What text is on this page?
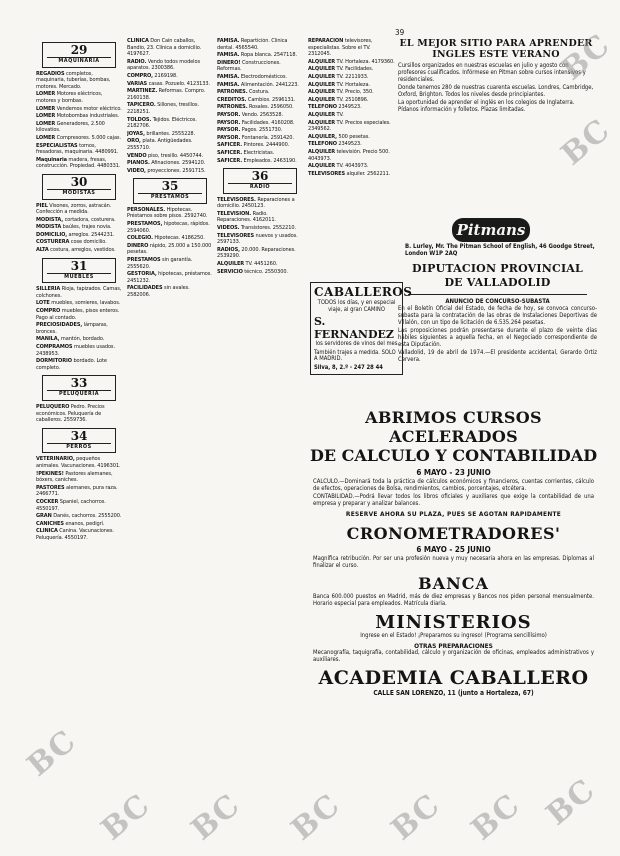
39
29
MAQUINARIA

REGADIOS completos, maquinaria, tuberías, bombas, motores. Mercado.

LOMER Motores eléctricos, motores y bombas.

LOMER Vendemos motor eléctrico.

LOMER Motobombas industriales.

LOMER Generadores, 2.500 kilovatios.

LOMER Compresores. 5.000 cajas.

ESPECIALISTAS tornos, fresadoras, maquinaria. 4480991.

Maquinaria madera, fresas, construcción. Propiedad. 4480331.

30
MODISTAS

PIEL Visones, zorros, astracán. Confección a medida.

MODISTA, cortadora, costurera.

MODISTA baúles, trajes novia.

DOMICILIO, arreglos. 2544231.

COSTURERA cose domicilio.

ALTA costura, arreglos, vestidos.

31
MUEBLES

SILLERIA Rioja, tapizados. Camas, colchones.

LOTE muebles, somieres, lavabos.

COMPRO muebles, pisos enteros. Pago al contado.

PRECIOSIDADES, lámparas, bronces.

MANILA, mantón, bordado.

COMPRAMOS muebles usados. 2438953.

DORMITORIO bordado. Lote completo.

33
PELUQUERIA

PELUQUERO Pedro. Precios económicos. Peluquería de caballeros. 2559736.

34
PERROS

VETERINARIO, pequeños animales. Vacunaciones. 4196301.

!PEKINES! Pastores alemanes, bóxers, caniches.

PASTORES alemanes, pura raza. 2466771.

COCKER Spaniel, cachorros. 4550197.

GRAN Danés, cachorros. 2555200.

CANICHES enanos, pedigrí.

CLINICA Canina. Vacunaciones. Peluquería. 4550197.

CLINICA Don Caín caballos, Bandio, 23. Clínica a domicilio. 4197627.

RADIO. Vendo todos modelos aparatos. 2300386.

COMPRO, 2169198.

VARIAS casas. Pozuelo. 4123133.

MARTINEZ. Reformas. Compro. 2160138.

TAPICERO. Sillones, tresillos. 2218251.

TOLDOS. Tejidos. Eléctricos. 2182706.

JOYAS, brillantes. 2555228.

ORO, plata. Antigüedades. 2555710.

VENDO piso, tresillo. 4450744.

PIANOS. Afinaciones. 2594120.

VIDEO, proyecciones. 2591715.

35
PRESTAMOS

PERSONALES. Hipotecas. Préstamos sobre pisos. 2592740.

PRESTAMOS, hipotecas, rápidos. 2594060.

COLEGIO. Hipotecas. 4186250.

DINERO rápido, 25.000 a 150.000 pesetas.

PRESTAMOS sin garantía. 2555620.

GESTORIA, hipotecas, préstamos. 2451232.

FACILIDADES sin avales. 2582006.

FAMISA. Repartición. Clínica dental. 4565540.

FAMISA. Ropa blanca. 2547118.

DINERO! Construcciones. Reformas.

FAMISA. Electrodomésticos.

FAMISA. Alimentación. 2441223.

PATRONES. Costura.

CREDITOS. Cambios. 2596131.

PATRONES. Rosales. 2596050.

PAYSOR. Vendo. 2563528.

PAYSOR. Facilidades. 4160208.

PAYSOR. Pagos. 2551730.

PAYSOR. Fontanería. 2591420.

SAFICER. Pintores. 2444900.

SAFICER. Electricistas.

SAFICER. Empleados. 2463190.

36
RADIO

TELEVISORES. Reparaciones a domicilio. 2450123.

TELEVISION. Radio. Reparaciones. 4162011.

VIDEOS. Transistores. 2552210.

TELEVISORES nuevos y usados. 2597133.

RADIOS, 20.000. Reparaciones. 2539290.

ALQUILER TV. 4451260.

SERVICIO técnico. 2550300.

REPARACION televisores, especialistas. Sobre el TV. 2312045.

ALQUILER TV. Hortaleza. 4179360.

ALQUILER TV. Facilidades.

ALQUILER TV. 2211933.

ALQUILER TV. Hortaleza.

ALQUILER TV. Precio, 350.

ALQUILER TV. 2510896.

TELEFONO 2349523.

ALQUILER TV.

ALQUILER TV. Precios especiales. 2349562.

ALQUILER, 500 pesetas.

TELEFONO 2349523.

ALQUILER televisión. Precio 500. 4043973.

ALQUILER TV. 4043973.

TELEVISORES alquiler. 2562211.

EL MEJOR SITIO PARA APRENDER INGLES ESTE VERANO

Cursillos organizados en nuestras escuelas en julio y agosto con profesores cualificados. Infórmese en Pitman sobre cursos intensivos y residenciales.

Donde tenemos 280 de nuestras cuarenta escuelas. Londres, Cambridge, Oxford, Brighton. Todos los niveles desde principiantes.

La oportunidad de aprender el inglés en los colegios de Inglaterra. Pídanos información y folletos. Plazas limitadas.

Pitmans
B. Lurley, Mr. The Pitman School of English, 46 Goodge Street, London W1P 2AQ
DIPUTACION PROVINCIAL
DE VALLADOLID
ANUNCIO DE CONCURSO-SUBASTA

En el Boletín Oficial del Estado, de fecha de hoy, se convoca concurso-subasta para la contratación de las obras de Instalaciones Deportivas de Villalón, con un tipo de licitación de 6.535.264 pesetas.

Las proposiciones podrán presentarse durante el plazo de veinte días hábiles siguientes a aquella fecha, en el Negociado correspondiente de esta Diputación.

Valladolid, 19 de abril de 1974.—El presidente accidental, Gerardo Ortiz Cervera.

CABALLEROS
TODOS los días, y en especial viaje, al gran CAMINO
S. FERNANDEZ
los servidores de vinos del mes
También trajes a medida. SOLO A MADRID.
Silva, 8, 2.º - 247 28 44
ABRIMOS CURSOS ACELERADOS
DE CALCULO Y CONTABILIDAD
6 MAYO - 23 JUNIO

CALCULO.—Dominará toda la práctica de cálculos económicos y financieros, cuentas corrientes, cálculo de efectos, operaciones de Bolsa, rendimientos, cambios, porcentajes, etcétera.

CONTABILIDAD.—Podrá llevar todos los libros oficiales y auxiliares que exige la contabilidad de una empresa y preparar y analizar balances.

RESERVE AHORA SU PLAZA, PUES SE AGOTAN RAPIDAMENTE
CRONOMETRADORES'
6 MAYO - 25 JUNIO

Magnífica retribución. Por ser una profesión nueva y muy necesaria ahora en las empresas. Diplomas al finalizar el curso.

BANCA

Banca 600.000 puestos en Madrid, más de diez empresas y Bancos nos piden personal mensualmente. Horario especial para empleados. Matrícula diaria.

MINISTERIOS

Ingrese en el Estado! ¡Preparamos su ingreso! (Programa sencillísimo)

OTRAS PREPARACIONES

Mecanografía, taquigrafía, contabilidad, cálculo y organización de oficinas, empleados administrativos y auxiliares.

ACADEMIA CABALLERO
CALLE SAN LORENZO, 11 (junto a Hortaleza, 67)
BC
BC BC BC BC BC BC
BC
BC
